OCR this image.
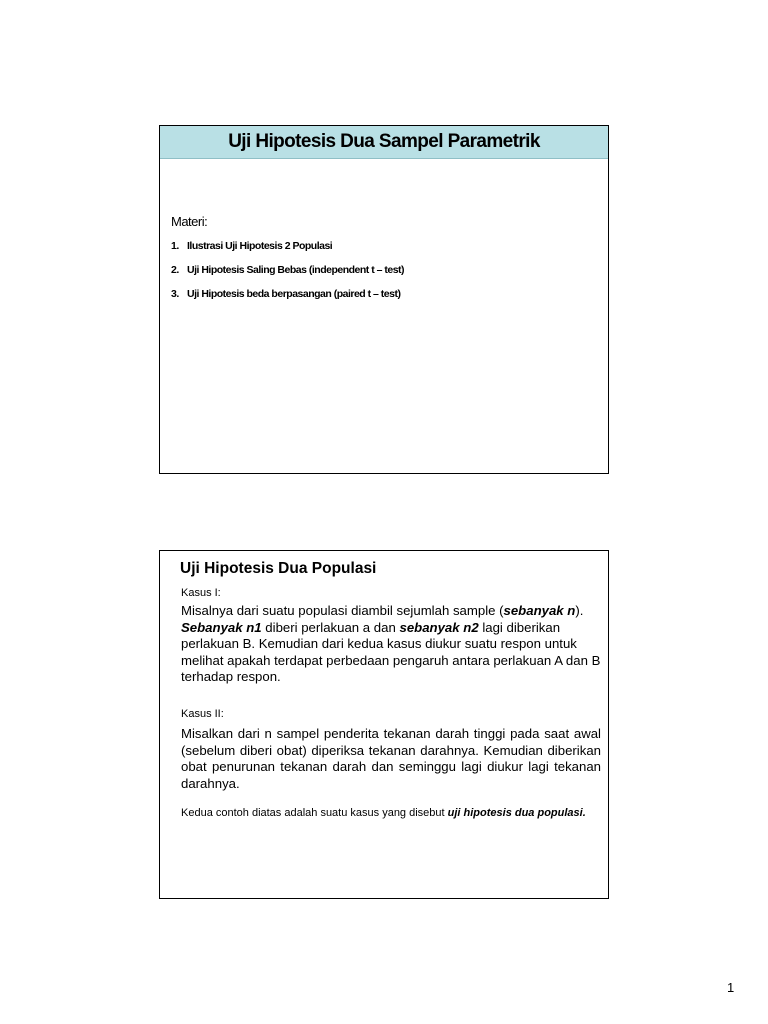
Uji Hipotesis Dua Sampel Parametrik
Materi:
1. Ilustrasi Uji Hipotesis 2 Populasi
2. Uji Hipotesis Saling Bebas (independent t – test)
3. Uji Hipotesis beda berpasangan (paired t – test)
Uji Hipotesis Dua Populasi
Kasus I:
Misalnya dari suatu populasi diambil sejumlah sample (sebanyak n). Sebanyak n1 diberi perlakuan a dan sebanyak n2 lagi diberikan perlakuan B. Kemudian dari kedua kasus diukur suatu respon untuk melihat apakah terdapat perbedaan pengaruh antara perlakuan A dan B terhadap respon.
Kasus II:
Misalkan dari n sampel penderita tekanan darah tinggi pada saat awal (sebelum diberi obat) diperiksa tekanan darahnya. Kemudian diberikan obat penurunan tekanan darah dan seminggu lagi diukur lagi tekanan darahnya.
Kedua contoh diatas adalah suatu kasus yang disebut uji hipotesis dua populasi.
1
